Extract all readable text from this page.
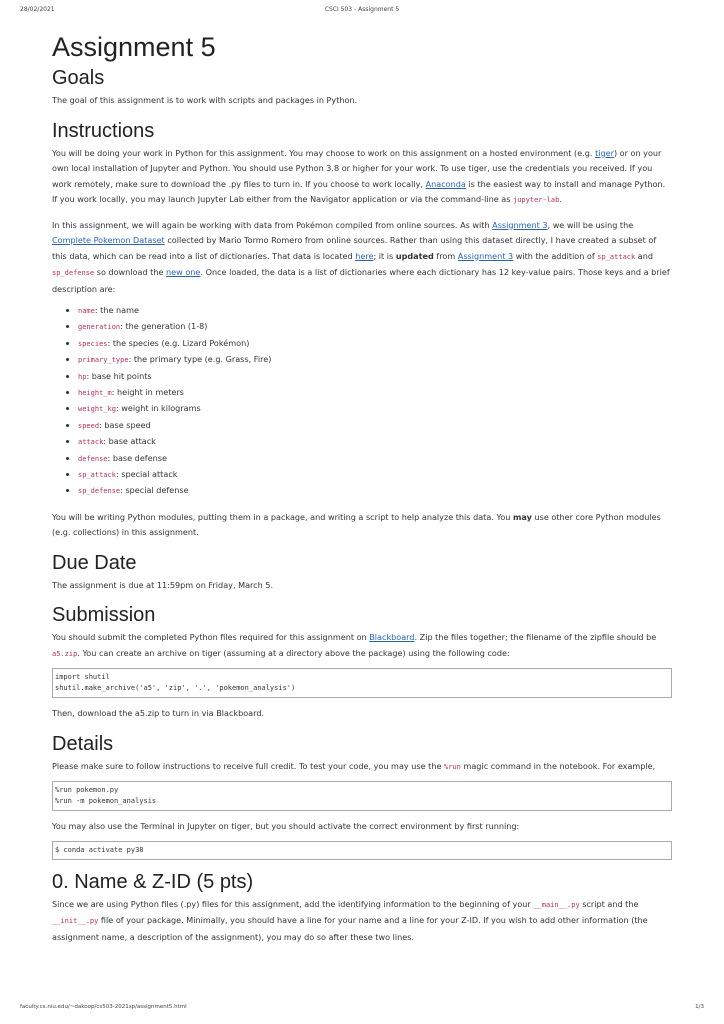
28/02/2021	CSCI 503 - Assignment 5
Assignment 5
Goals

The goal of this assignment is to work with scripts and packages in Python.

Instructions

You will be doing your work in Python for this assignment. You may choose to work on this assignment on a hosted environment (e.g. tiger) or on your own local installation of Jupyter and Python. You should use Python 3.8 or higher for your work. To use tiger, use the credentials you received. If you work remotely, make sure to download the .py files to turn in. If you choose to work locally, Anaconda is the easiest way to install and manage Python. If you work locally, you may launch Jupyter Lab either from the Navigator application or via the command-line as jupyter-lab.

In this assignment, we will again be working with data from Pokémon compiled from online sources. As with Assignment 3, we will be using the Complete Pokemon Dataset collected by Mario Tormo Romero from online sources. Rather than using this dataset directly, I have created a subset of this data, which can be read into a list of dictionaries. That data is located here; it is updated from Assignment 3 with the addition of sp_attack and sp_defense so download the new one. Once loaded, the data is a list of dictionaries where each dictionary has 12 key-value pairs. Those keys and a brief description are:

• name: the name
• generation: the generation (1-8)
• species: the species (e.g. Lizard Pokémon)
• primary_type: the primary type (e.g. Grass, Fire)
• hp: base hit points
• height_m: height in meters
• weight_kg: weight in kilograms
• speed: base speed
• attack: base attack
• defense: base defense
• sp_attack: special attack
• sp_defense: special defense

You will be writing Python modules, putting them in a package, and writing a script to help analyze this data. You may use other core Python modules (e.g. collections) in this assignment.

Due Date

The assignment is due at 11:59pm on Friday, March 5.

Submission

You should submit the completed Python files required for this assignment on Blackboard. Zip the files together; the filename of the zipfile should be a5.zip. You can create an archive on tiger (assuming at a directory above the package) using the following code:

import shutil
shutil.make_archive('a5', 'zip', '.', 'pokemon_analysis')

Then, download the a5.zip to turn in via Blackboard.

Details

Please make sure to follow instructions to receive full credit. To test your code, you may use the %run magic command in the notebook. For example,

%run pokemon.py
%run -m pokemon_analysis

You may also use the Terminal in Jupyter on tiger, but you should activate the correct environment by first running:

$ conda activate py38
0. Name & Z-ID (5 pts)

Since we are using Python files (.py) files for this assignment, add the identifying information to the beginning of your __main__.py script and the __init__.py file of your package. Minimally, you should have a line for your name and a line for your Z-ID. If you wish to add other information (the assignment name, a description of the assignment), you may do so after these two lines.

faculty.cs.niu.edu/~dakoop/cs503-2021sp/assignment5.html	1/3
